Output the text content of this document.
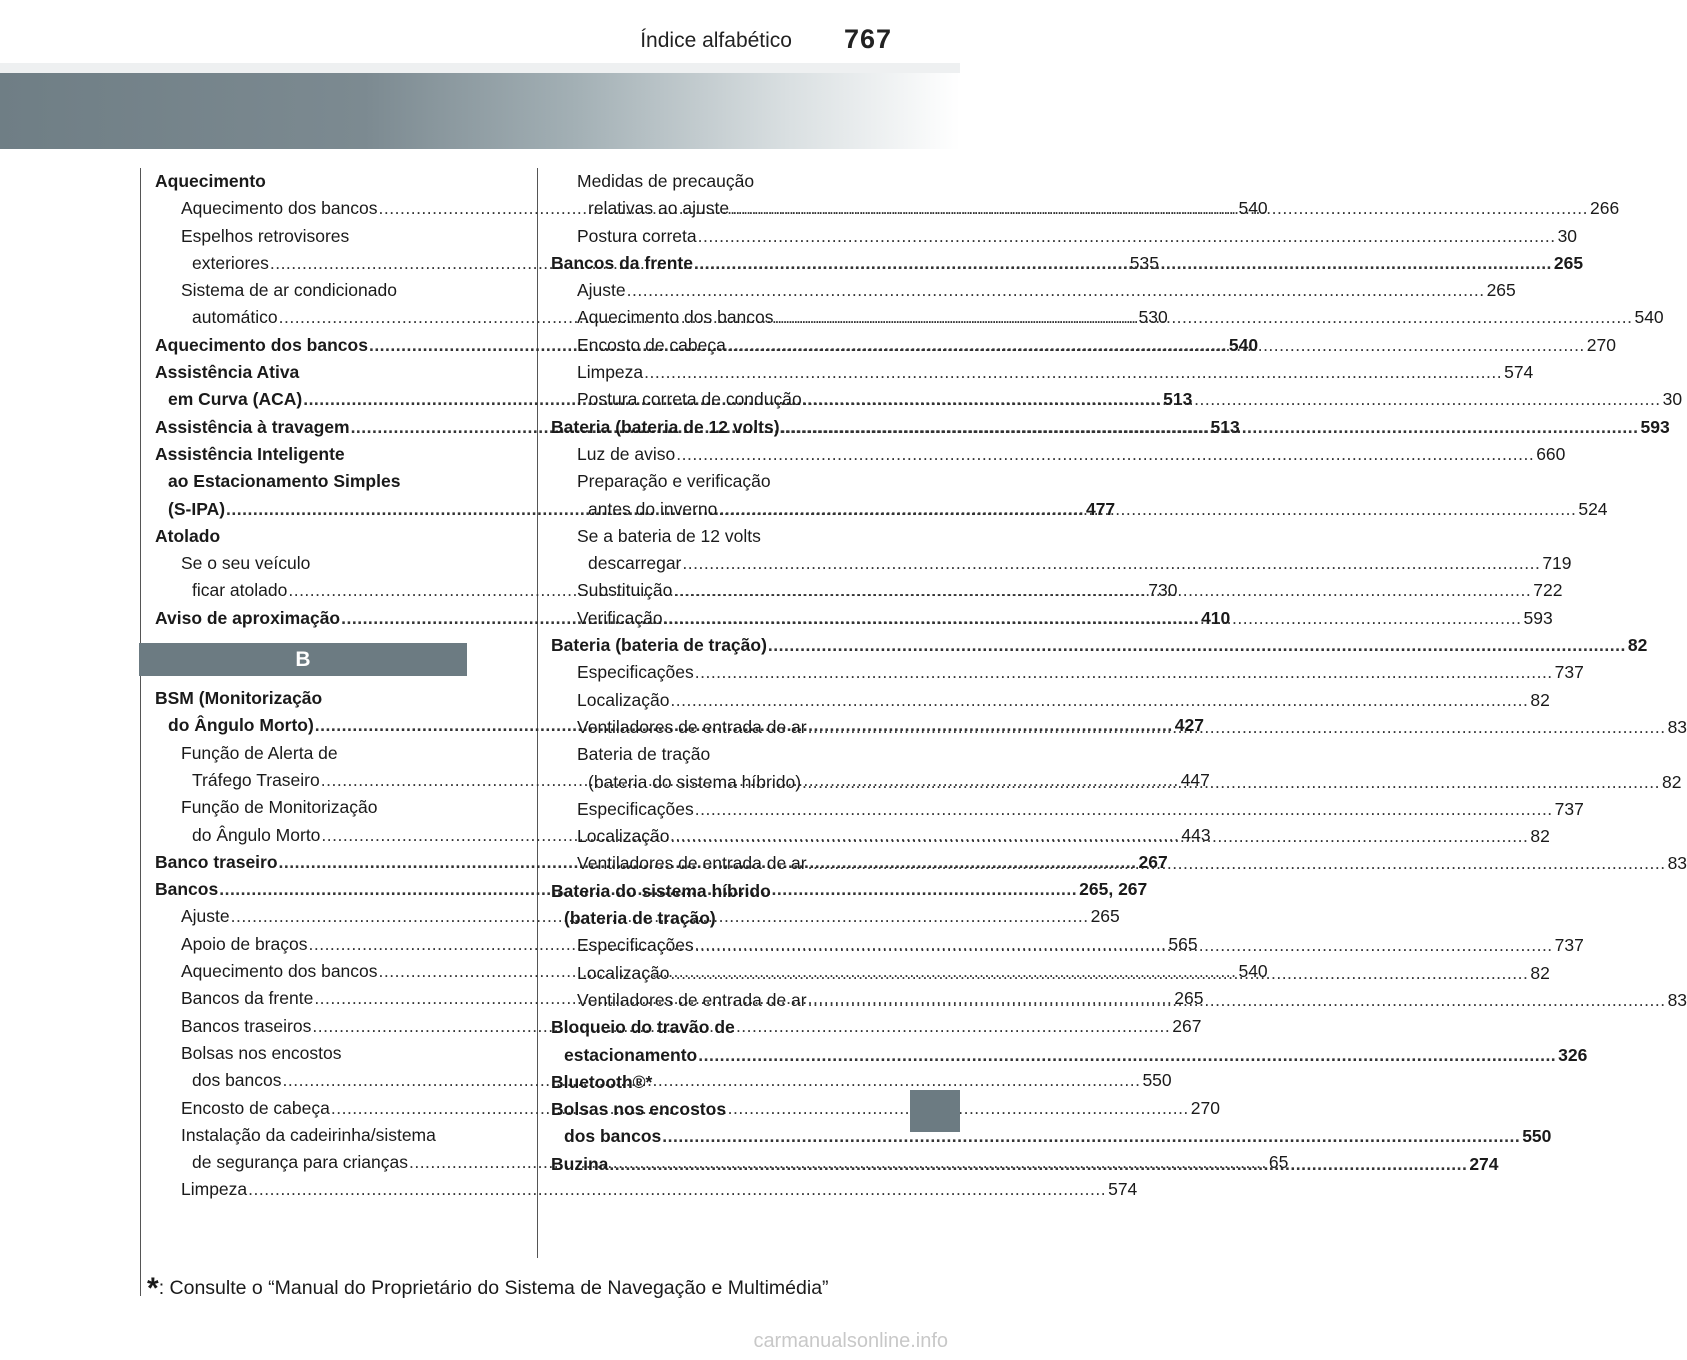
Índice alfabético 767
Aquecimento
Aquecimento dos bancos .....	540
Espelhos retrovisores
exteriores .....	535
Sistema de ar condicionado
automático .....	530
Aquecimento dos bancos .....	540
Assistência Ativa
em Curva (ACA) .....	513
Assistência à travagem .....	513
Assistência Inteligente
ao Estacionamento Simples
(S-IPA) .....	477
Atolado
Se o seu veículo
ficar atolado .....	730
Aviso de aproximação .....	410
B
BSM (Monitorização
do Ângulo Morto) .....	427
Função de Alerta de
Tráfego Traseiro .....	447
Função de Monitorização
do Ângulo Morto .....	443
Banco traseiro .....	267
Bancos .....	265, 267
Ajuste .....	265
Apoio de braços .....	565
Aquecimento dos bancos .....	540
Bancos da frente .....	265
Bancos traseiros .....	267
Bolsas nos encostos
dos bancos .....	550
Encosto de cabeça .....	270
Instalação da cadeirinha/sistema
de segurança para crianças .....	65
Limpeza .....	574
Medidas de precaução
relativas ao ajuste .....	266
Postura correta .....	30
Bancos da frente .....	265
Ajuste .....	265
Aquecimento dos bancos .....	540
Encosto de cabeça .....	270
Limpeza .....	574
Postura correta de condução .....	30
Bateria (bateria de 12 volts) .....	593
Luz de aviso .....	660
Preparação e verificação
antes do inverno .....	524
Se a bateria de 12 volts
descarregar .....	719
Substituição .....	722
Verificação .....	593
Bateria (bateria de tração) .....	82
Especificações .....	737
Localização .....	82
Ventiladores de entrada de ar .....	83
Bateria de tração
(bateria do sistema híbrido) .....	82
Especificações .....	737
Localização .....	82
Ventiladores de entrada de ar .....	83
Bateria do sistema híbrido
(bateria de tração)
Especificações .....	737
Localização .....	82
Ventiladores de entrada de ar .....	83
Bloqueio do travão de
estacionamento .....	326
Bluetooth®*
Bolsas nos encostos
dos bancos .....	550
Buzina .....	274
*: Consulte o “Manual do Proprietário do Sistema de Navegação e Multimédia”
carmanualsonline.info
